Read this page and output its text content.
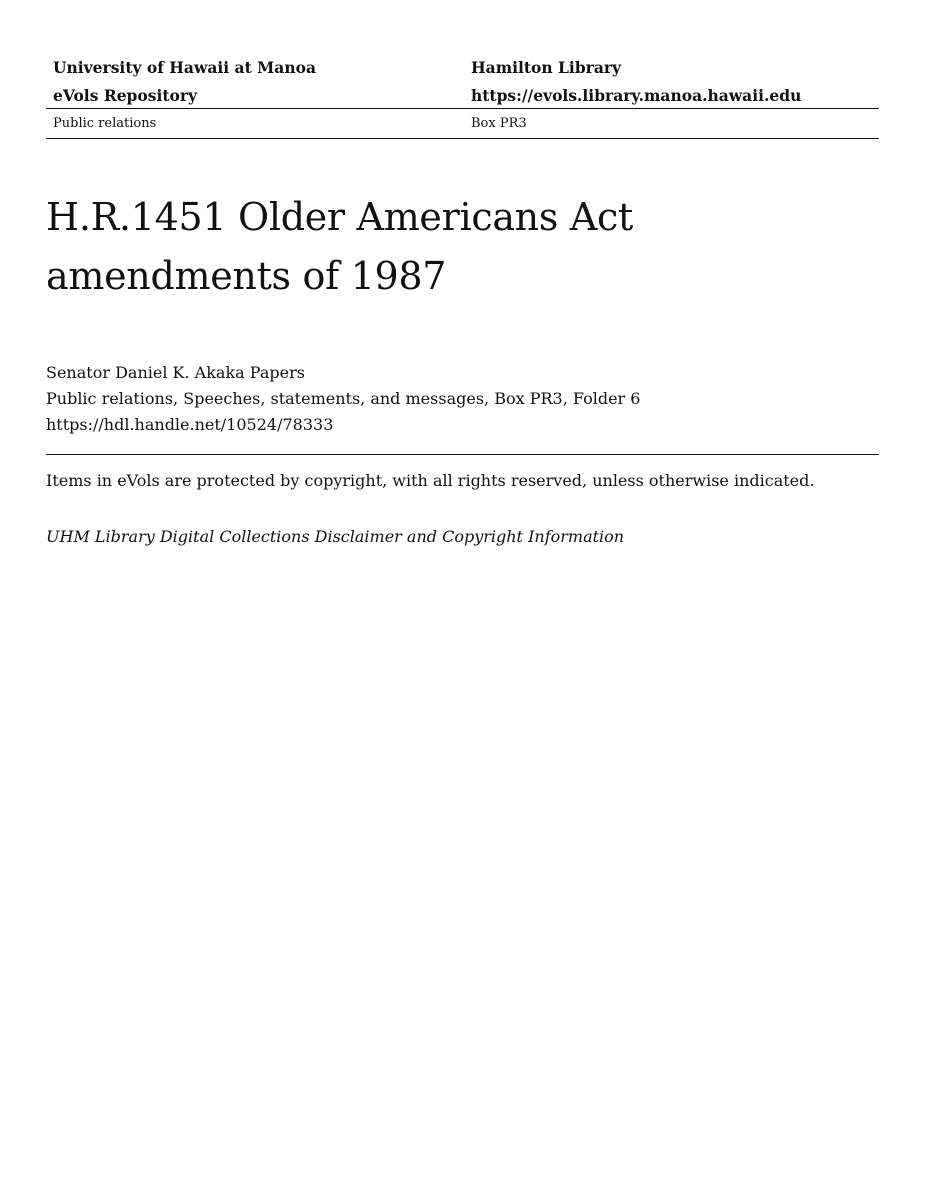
University of Hawaii at Manoa	Hamilton Library
eVols Repository	https://evols.library.manoa.hawaii.edu
Public relations	Box PR3
H.R.1451 Older Americans Act
amendments of 1987
Senator Daniel K. Akaka Papers
Public relations, Speeches, statements, and messages, Box PR3, Folder 6
https://hdl.handle.net/10524/78333
Items in eVols are protected by copyright, with all rights reserved, unless otherwise indicated.
UHM Library Digital Collections Disclaimer and Copyright Information
